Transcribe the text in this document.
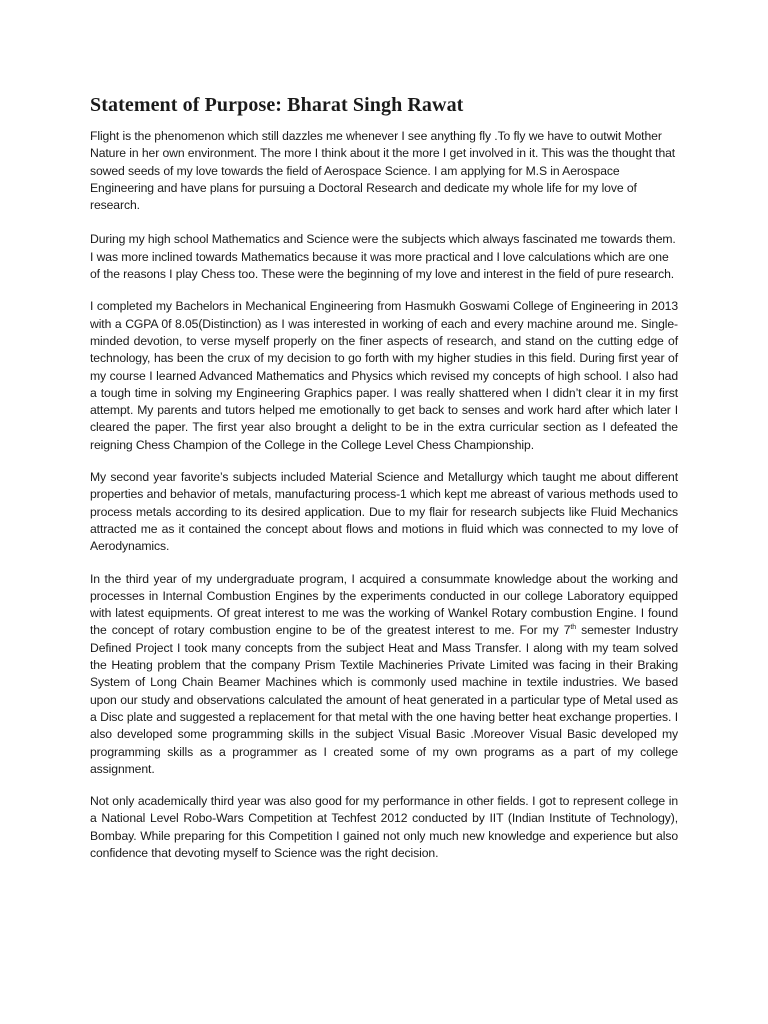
Statement of Purpose: Bharat Singh Rawat

Flight is the phenomenon which still dazzles me whenever I see anything fly .To fly we have to outwit Mother Nature in her own environment. The more I think about it the more I get involved in it. This was the thought that sowed seeds of my love towards the field of Aerospace Science. I am applying for M.S in Aerospace Engineering and have plans for pursuing a Doctoral Research and dedicate my whole life for my love of research.

During my high school Mathematics and Science were the subjects which always fascinated me towards them. I was more inclined towards Mathematics because it was more practical and I love calculations which are one of the reasons I play Chess too. These were the beginning of my love and interest in the field of pure research.

I completed my Bachelors in Mechanical Engineering from Hasmukh Goswami College of Engineering in 2013 with a CGPA 0f 8.05(Distinction) as I was interested in working of each and every machine around me. Single-minded devotion, to verse myself properly on the finer aspects of research, and stand on the cutting edge of technology, has been the crux of my decision to go forth with my higher studies in this field. During first year of my course I learned Advanced Mathematics and Physics which revised my concepts of high school. I also had a tough time in solving my Engineering Graphics paper. I was really shattered when I didn’t clear it in my first attempt. My parents and tutors helped me emotionally to get back to senses and work hard after which later I cleared the paper. The first year also brought a delight to be in the extra curricular section as I defeated the reigning Chess Champion of the College in the College Level Chess Championship.

My second year favorite’s subjects included Material Science and Metallurgy which taught me about different properties and behavior of metals, manufacturing process-1 which kept me abreast of various methods used to process metals according to its desired application. Due to my flair for research subjects like Fluid Mechanics attracted me as it contained the concept about flows and motions in fluid which was connected to my love of Aerodynamics.

In the third year of my undergraduate program, I acquired a consummate knowledge about the working and processes in Internal Combustion Engines by the experiments conducted in our college Laboratory equipped with latest equipments. Of great interest to me was the working of Wankel Rotary combustion Engine. I found the concept of rotary combustion engine to be of the greatest interest to me. For my 7th semester Industry Defined Project I took many concepts from the subject Heat and Mass Transfer. I along with my team solved the Heating problem that the company Prism Textile Machineries Private Limited was facing in their Braking System of Long Chain Beamer Machines which is commonly used machine in textile industries. We based upon our study and observations calculated the amount of heat generated in a particular type of Metal used as a Disc plate and suggested a replacement for that metal with the one having better heat exchange properties. I also developed some programming skills in the subject Visual Basic .Moreover Visual Basic developed my programming skills as a programmer as I created some of my own programs as a part of my college assignment.

Not only academically third year was also good for my performance in other fields. I got to represent college in a National Level Robo-Wars Competition at Techfest 2012 conducted by IIT (Indian Institute of Technology), Bombay. While preparing for this Competition I gained not only much new knowledge and experience but also confidence that devoting myself to Science was the right decision.
